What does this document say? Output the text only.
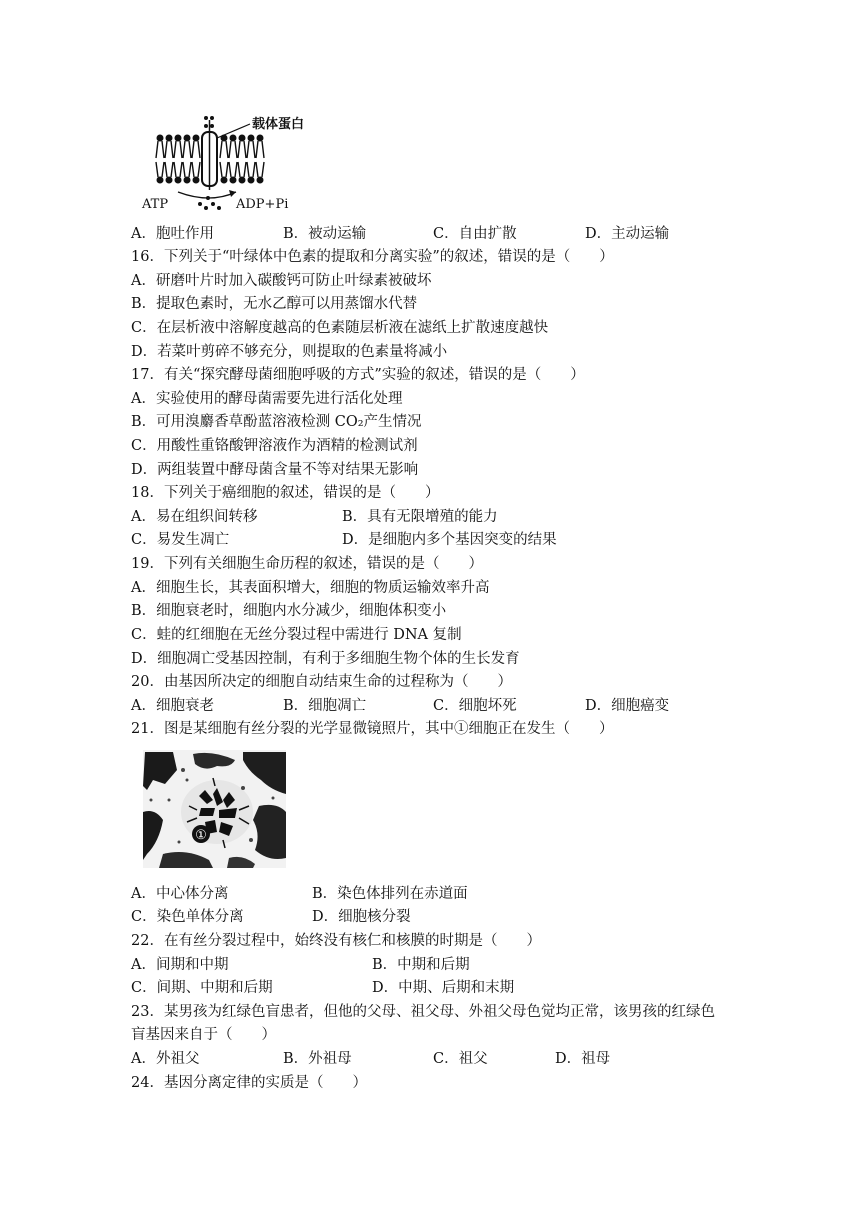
载体蛋白
ATP	ADP+Pi
A．胞吐作用	B．被动运输	C．自由扩散	D．主动运输
16．下列关于“叶绿体中色素的提取和分离实验”的叙述，错误的是（　　）
A．研磨叶片时加入碳酸钙可防止叶绿素被破坏
B．提取色素时，无水乙醇可以用蒸馏水代替
C．在层析液中溶解度越高的色素随层析液在滤纸上扩散速度越快
D．若菜叶剪碎不够充分，则提取的色素量将减小
17．有关“探究酵母菌细胞呼吸的方式”实验的叙述，错误的是（　　）
A．实验使用的酵母菌需要先进行活化处理
B．可用溴麝香草酚蓝溶液检测 CO₂产生情况
C．用酸性重铬酸钾溶液作为酒精的检测试剂
D．两组装置中酵母菌含量不等对结果无影响
18．下列关于癌细胞的叙述，错误的是（　　）
A．易在组织间转移	B．具有无限增殖的能力
C．易发生凋亡	D．是细胞内多个基因突变的结果
19．下列有关细胞生命历程的叙述，错误的是（　　）
A．细胞生长，其表面积增大，细胞的物质运输效率升高
B．细胞衰老时，细胞内水分减少，细胞体积变小
C．蛙的红细胞在无丝分裂过程中需进行 DNA 复制
D．细胞凋亡受基因控制，有利于多细胞生物个体的生长发育
20．由基因所决定的细胞自动结束生命的过程称为（　　）
A．细胞衰老	B．细胞凋亡	C．细胞坏死	D．细胞癌变
21．图是某细胞有丝分裂的光学显微镜照片，其中①细胞正在发生（　　）
①
A．中心体分离	B．染色体排列在赤道面
C．染色单体分离	D．细胞核分裂
22．在有丝分裂过程中，始终没有核仁和核膜的时期是（　　）
A．间期和中期	B．中期和后期
C．间期、中期和后期	D．中期、后期和末期
23．某男孩为红绿色盲患者，但他的父母、祖父母、外祖父母色觉均正常，该男孩的红绿色
盲基因来自于（　　）
A．外祖父	B．外祖母	C．祖父	D．祖母
24．基因分离定律的实质是（　　）
